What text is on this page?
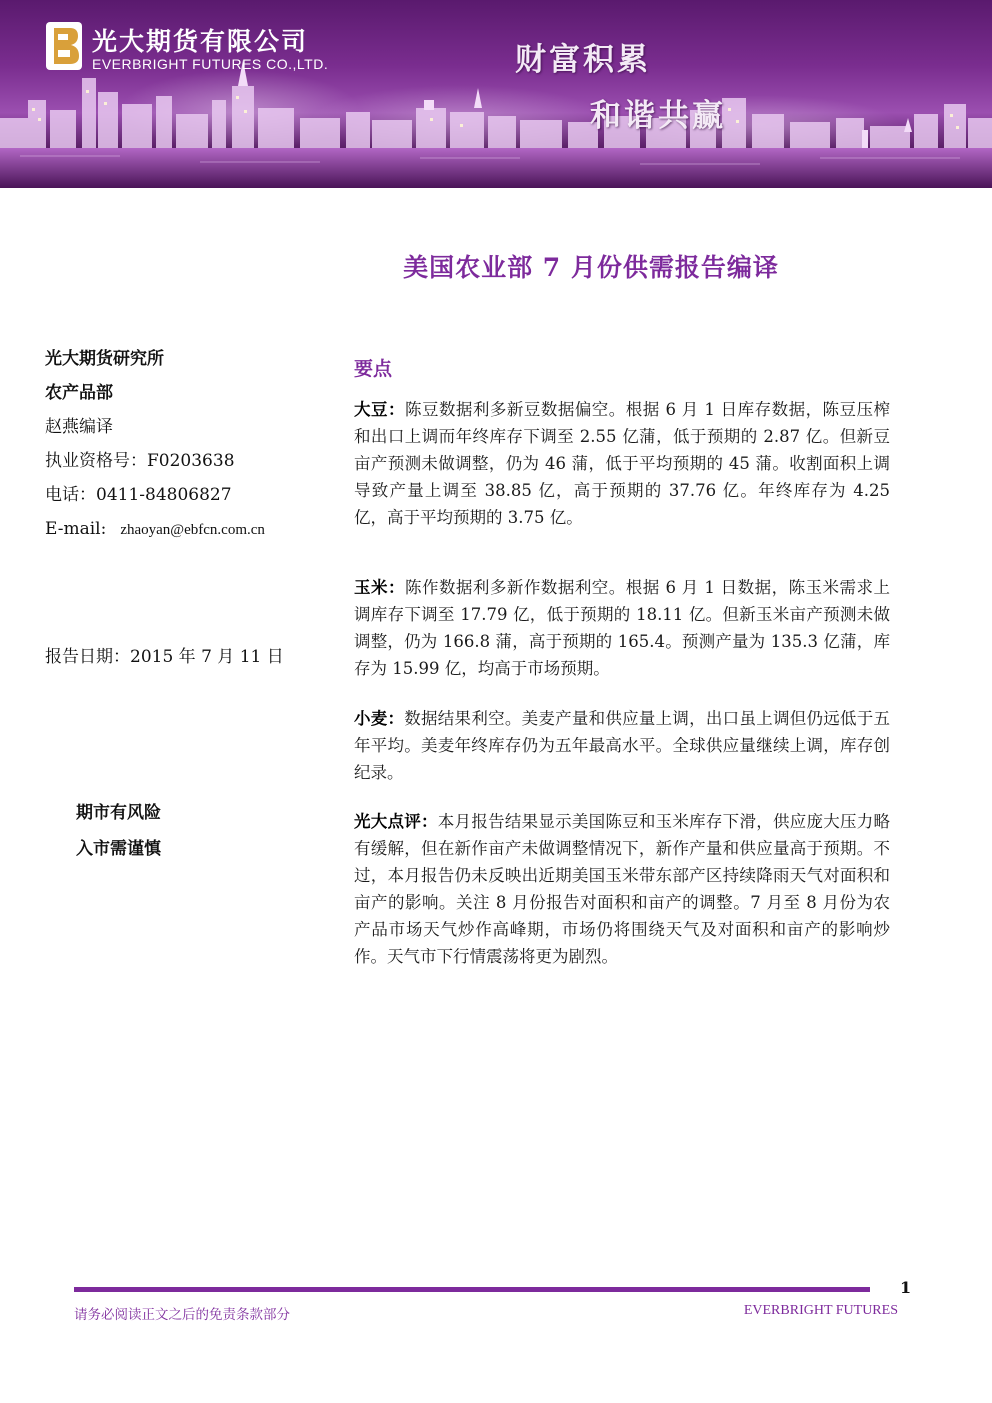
光大期货有限公司
EVERBRIGHT FUTURES CO.,LTD.	财富积累
和谐共赢
美国农业部 7 月份供需报告编译
光大期货研究所
农产品部
赵燕编译
执业资格号：F0203638
电话：0411-84806827
E-mail: zhaoyan@ebfcn.com.cn
报告日期：2015 年 7 月 11 日
期市有风险
入市需谨慎
要点

大豆：陈豆数据利多新豆数据偏空。根据 6 月 1 日库存数据，陈豆压榨和出口上调而年终库存下调至 2.55 亿蒲，低于预期的 2.87 亿。但新豆亩产预测未做调整，仍为 46 蒲，低于平均预期的 45 蒲。收割面积上调导致产量上调至 38.85 亿，高于预期的 37.76 亿。年终库存为 4.25 亿，高于平均预期的 3.75 亿。

玉米：陈作数据利多新作数据利空。根据 6 月 1 日数据，陈玉米需求上调库存下调至 17.79 亿，低于预期的 18.11 亿。但新玉米亩产预测未做调整，仍为 166.8 蒲，高于预期的 165.4。预测产量为 135.3 亿蒲，库存为 15.99 亿，均高于市场预期。

小麦：数据结果利空。美麦产量和供应量上调，出口虽上调但仍远低于五年平均。美麦年终库存仍为五年最高水平。全球供应量继续上调，库存创纪录。

光大点评：本月报告结果显示美国陈豆和玉米库存下滑，供应庞大压力略有缓解，但在新作亩产未做调整情况下，新作产量和供应量高于预期。不过，本月报告仍未反映出近期美国玉米带东部产区持续降雨天气对面积和亩产的影响。关注 8 月份报告对面积和亩产的调整。7 月至 8 月份为农产品市场天气炒作高峰期，市场仍将围绕天气及对面积和亩产的影响炒作。天气市下行情震荡将更为剧烈。

1
请务必阅读正文之后的免责条款部分	EVERBRIGHT FUTURES
